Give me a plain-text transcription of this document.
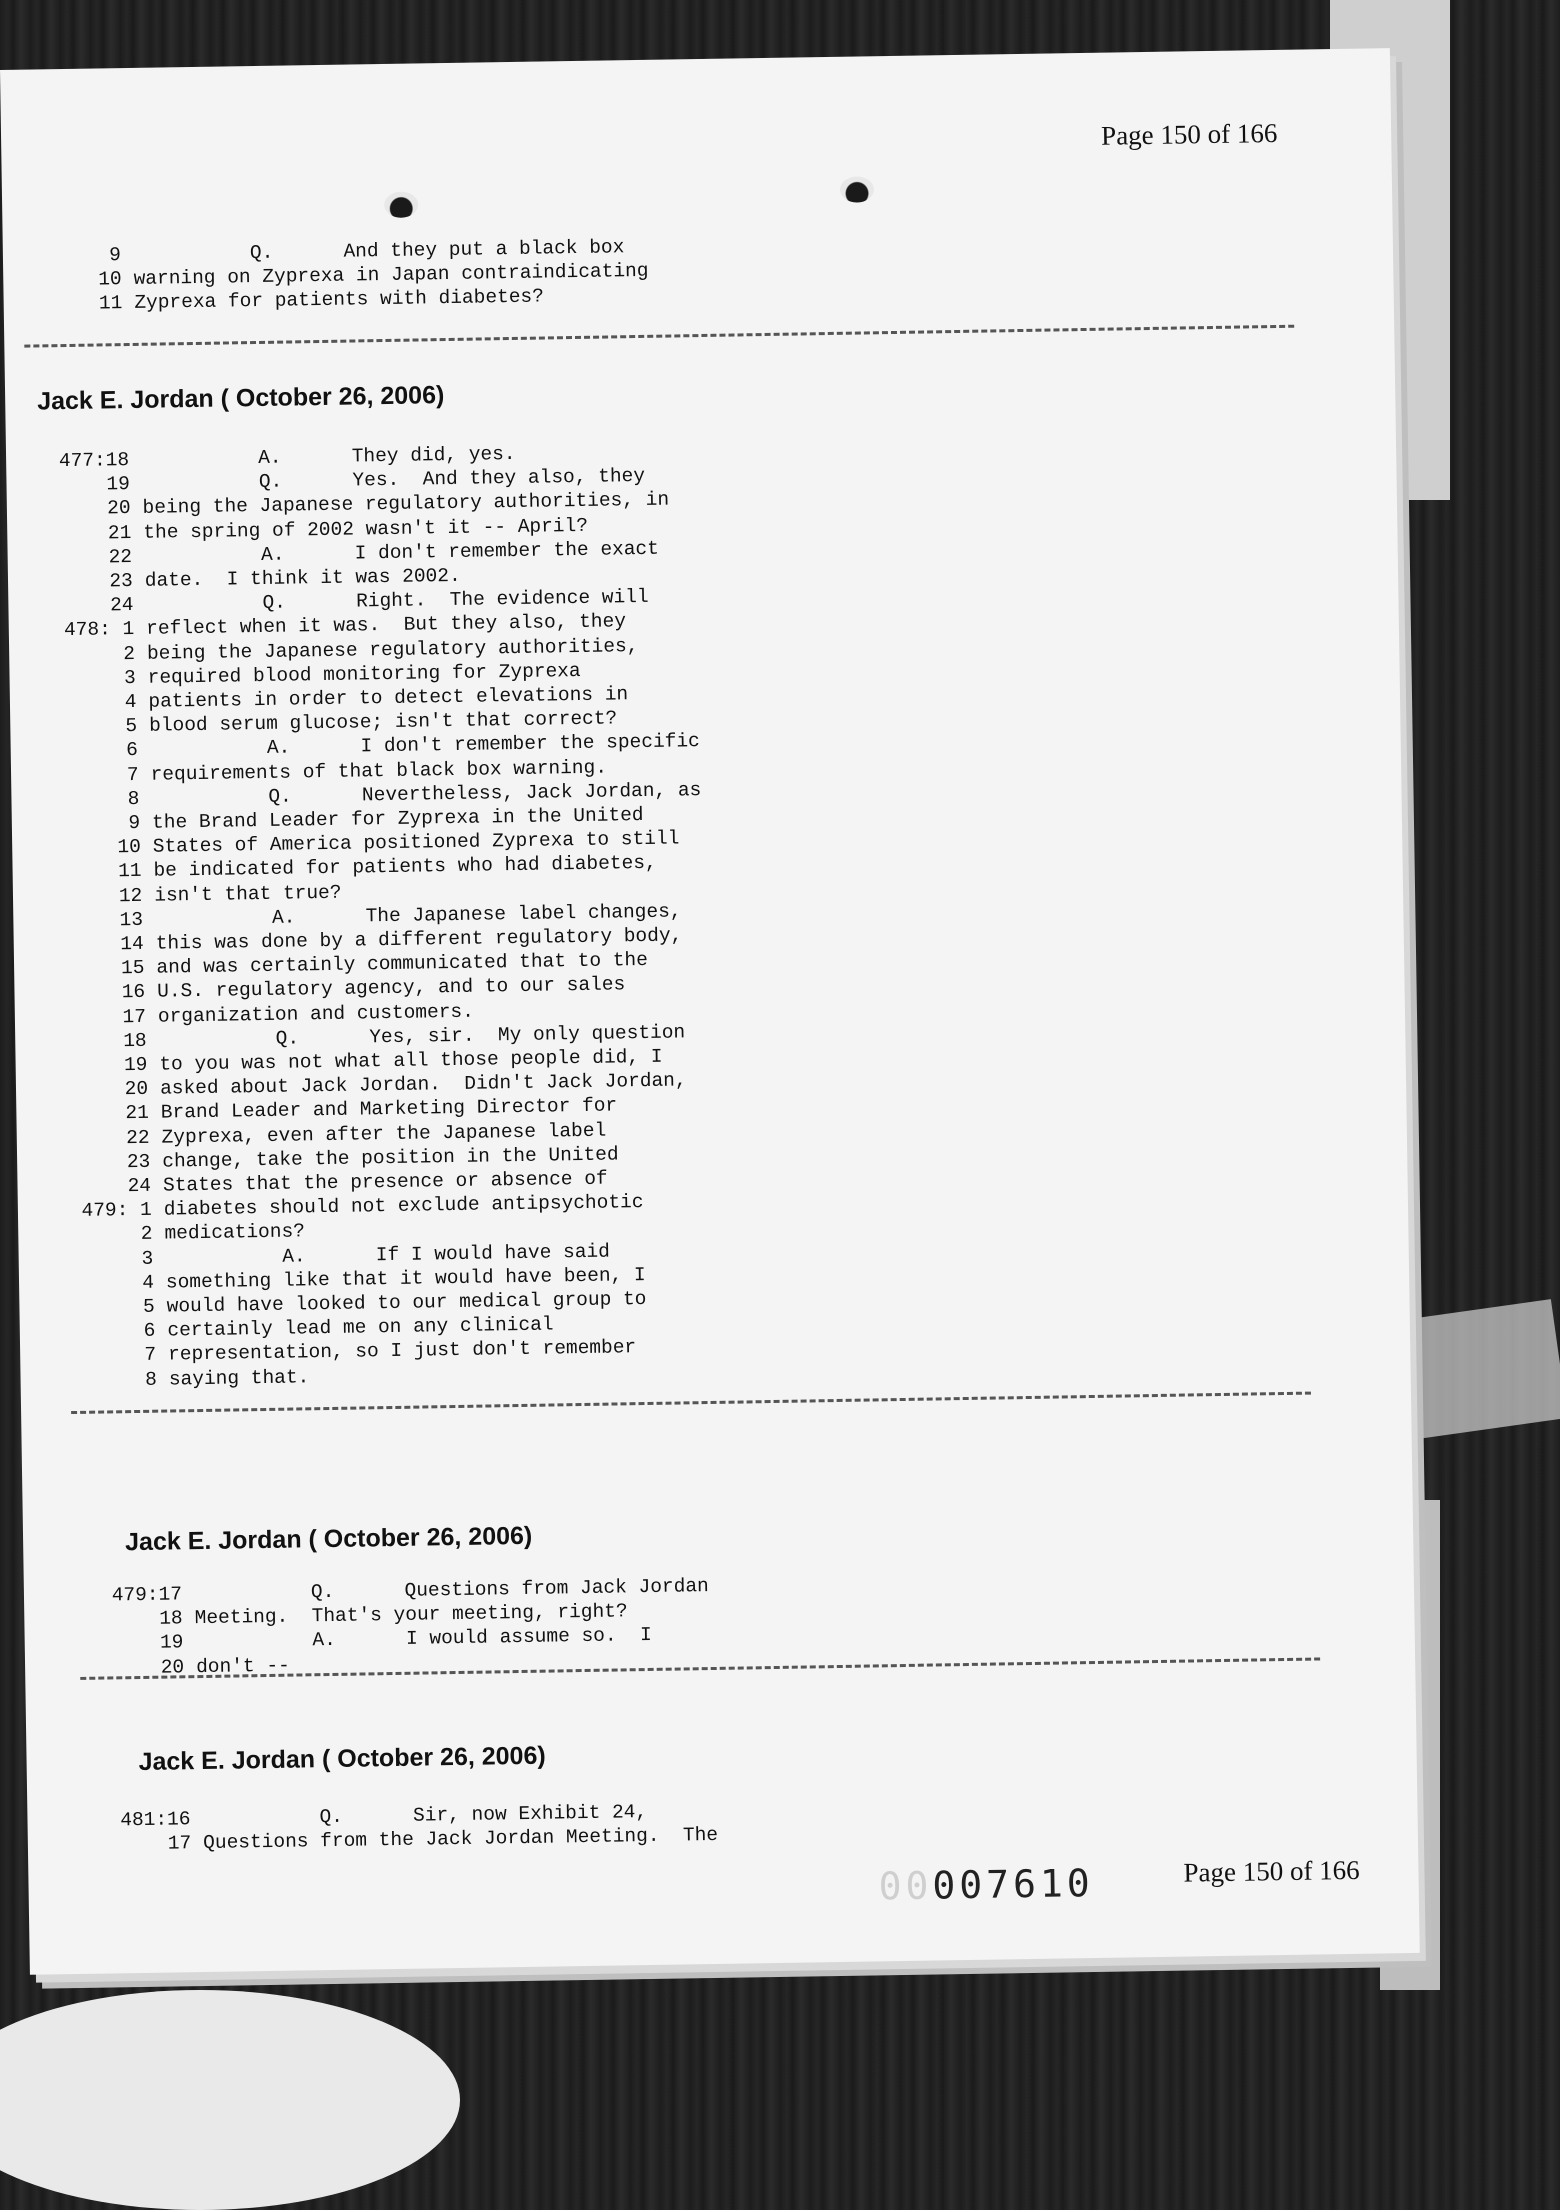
Page 150 of 166
9          Q.      And they put a black box
10 warning on Zyprexa in Japan contraindicating
11 Zyprexa for patients with diabetes?
Jack E. Jordan ( October 26, 2006)
477:18          A.      They did, yes.
19          Q.      Yes.  And they also, they
20 being the Japanese regulatory authorities, in
21 the spring of 2002 wasn't it -- April?
22          A.      I don't remember the exact
23 date.  I think it was 2002.
24          Q.      Right.  The evidence will
478: 1 reflect when it was.  But they also, they
2 being the Japanese regulatory authorities,
3 required blood monitoring for Zyprexa
4 patients in order to detect elevations in
5 blood serum glucose; isn't that correct?
6          A.      I don't remember the specific
7 requirements of that black box warning.
8          Q.      Nevertheless, Jack Jordan, as
9 the Brand Leader for Zyprexa in the United
10 States of America positioned Zyprexa to still
11 be indicated for patients who had diabetes,
12 isn't that true?
13          A.      The Japanese label changes,
14 this was done by a different regulatory body,
15 and was certainly communicated that to the
16 U.S. regulatory agency, and to our sales
17 organization and customers.
18          Q.      Yes, sir.  My only question
19 to you was not what all those people did, I
20 asked about Jack Jordan.  Didn't Jack Jordan,
21 Brand Leader and Marketing Director for
22 Zyprexa, even after the Japanese label
23 change, take the position in the United
24 States that the presence or absence of
479: 1 diabetes should not exclude antipsychotic
2 medications?
3          A.      If I would have said
4 something like that it would have been, I
5 would have looked to our medical group to
6 certainly lead me on any clinical
7 representation, so I just don't remember
8 saying that.
Jack E. Jordan ( October 26, 2006)
479:17          Q.      Questions from Jack Jordan
18 Meeting.  That's your meeting, right?
19          A.      I would assume so.  I
20 don't --
Jack E. Jordan ( October 26, 2006)
481:16          Q.      Sir, now Exhibit 24,
17 Questions from the Jack Jordan Meeting.  The
00007610	Page 150 of 166
